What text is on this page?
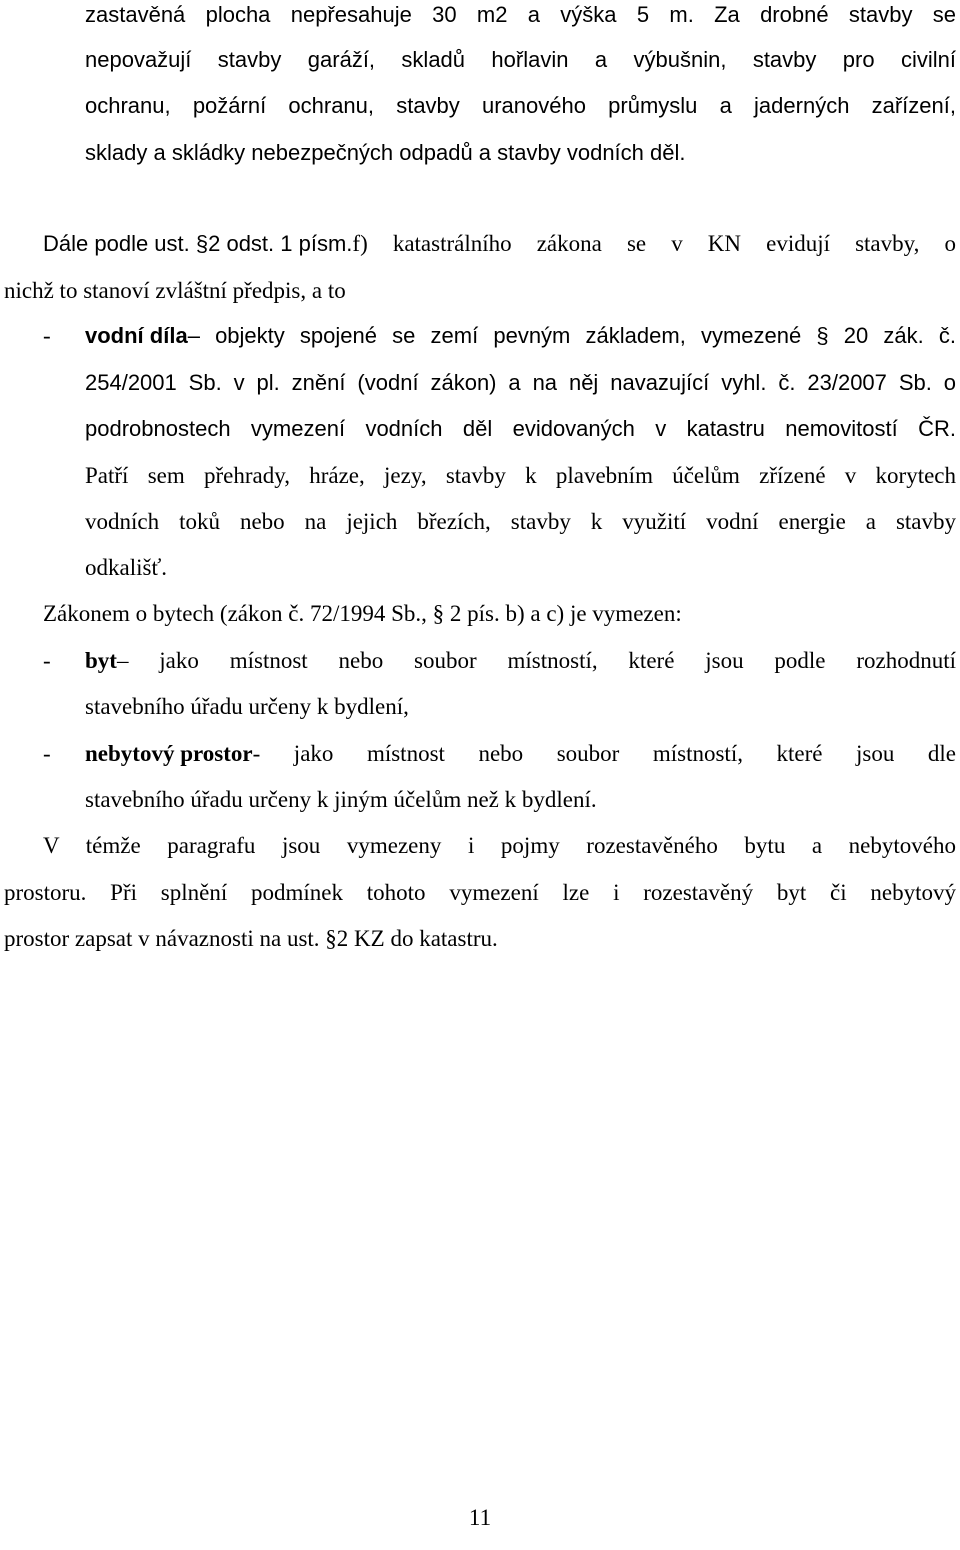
zastavěná plocha nepřesahuje 30 m2 a výška 5 m. Za drobné stavby se
nepovažují stavby garáží, skladů hořlavin a výbušnin, stavby pro civilní
ochranu, požární ochranu, stavby uranového průmyslu a jaderných zařízení,
sklady a skládky nebezpečných odpadů a stavby vodních děl.
Dále podle ust. §2 odst. 1 písm. f) katastrálního zákona se v KN evidují stavby, o
nichž to stanoví zvláštní předpis, a to
- vodní díla – objekty spojené se zemí pevným základem, vymezené § 20 zák. č.
254/2001 Sb. v pl. znění (vodní zákon) a na něj navazující vyhl. č. 23/2007 Sb. o
podrobnostech vymezení vodních děl evidovaných v katastru nemovitostí ČR.
Patří sem přehrady, hráze, jezy, stavby k plavebním účelům zřízené v korytech
vodních toků nebo na jejich březích, stavby k využití vodní energie a stavby
odkališť.
Zákonem o bytech (zákon č. 72/1994 Sb., § 2 pís. b) a c) je vymezen:
- byt – jako místnost nebo soubor místností, které jsou podle rozhodnutí
stavebního úřadu určeny k bydlení,
- nebytový prostor - jako místnost nebo soubor místností, které jsou dle
stavebního úřadu určeny k jiným účelům než k bydlení.
V témže paragrafu jsou vymezeny i pojmy rozestavěného bytu a nebytového
prostoru. Při splnění podmínek tohoto vymezení lze i rozestavěný byt či nebytový
prostor zapsat v návaznosti na ust. §2 KZ do katastru.
11
